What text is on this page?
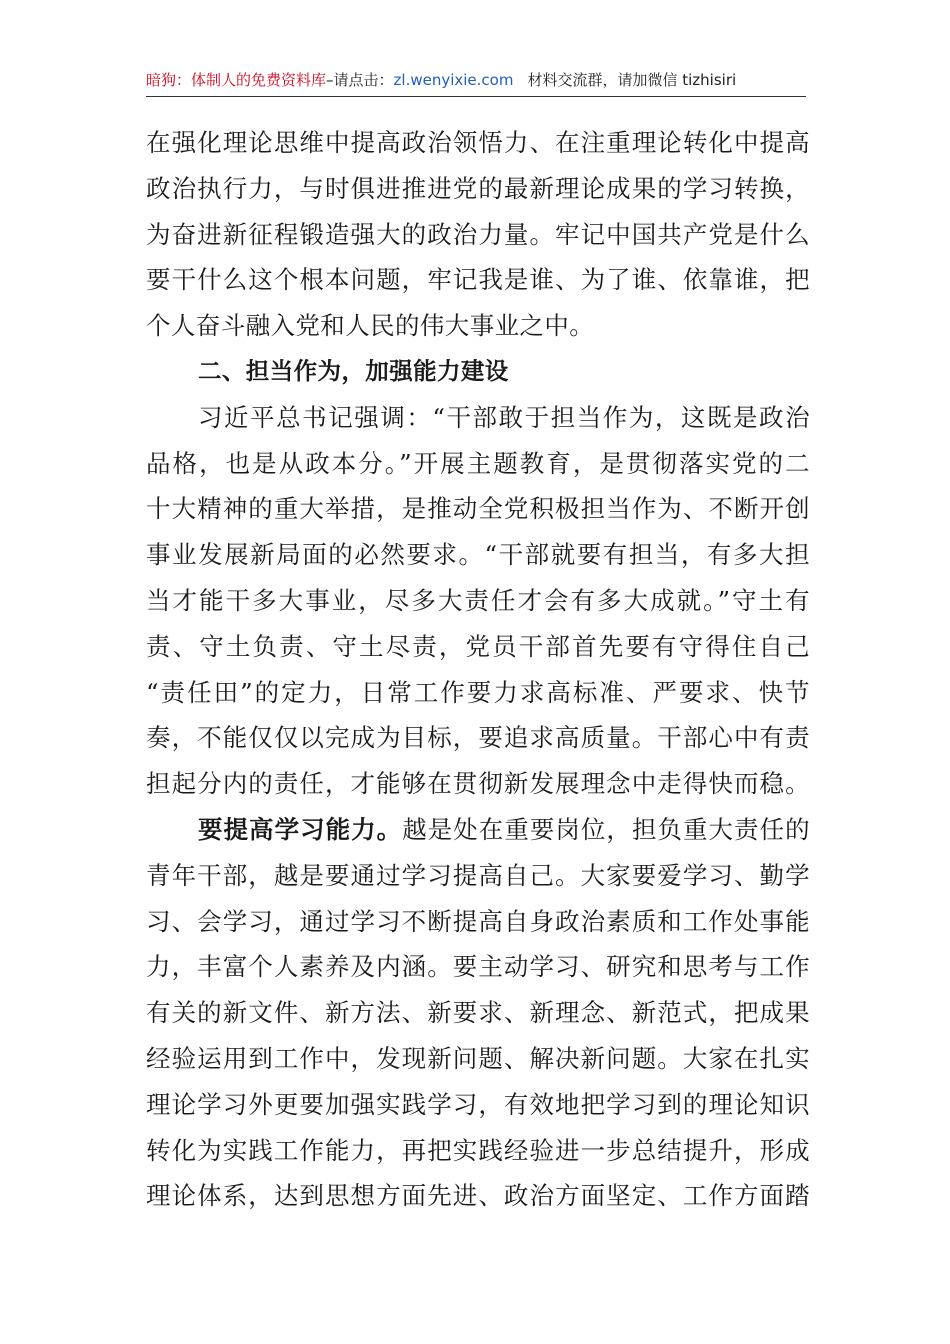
暗狗：体制人的免费资料库–请点击：zl.wenyixie.com 材料交流群，请加微信 tizhisiri
在强化理论思维中提高政治领悟力、在注重理论转化中提高
政治执行力，与时俱进推进党的最新理论成果的学习转换，
为奋进新征程锻造强大的政治力量。牢记中国共产党是什么
要干什么这个根本问题，牢记我是谁、为了谁、依靠谁，把
个人奋斗融入党和人民的伟大事业之中。
二、担当作为，加强能力建设
习近平总书记强调：“干部敢于担当作为，这既是政治
品格，也是从政本分。”开展主题教育，是贯彻落实党的二
十大精神的重大举措，是推动全党积极担当作为、不断开创
事业发展新局面的必然要求。“干部就要有担当，有多大担
当才能干多大事业，尽多大责任才会有多大成就。”守土有
责、守土负责、守土尽责，党员干部首先要有守得住自己
“责任田”的定力，日常工作要力求高标准、严要求、快节
奏，不能仅仅以完成为目标，要追求高质量。干部心中有责
担起分内的责任，才能够在贯彻新发展理念中走得快而稳。
要提高学习能力。越是处在重要岗位，担负重大责任的
青年干部，越是要通过学习提高自己。大家要爱学习、勤学
习、会学习，通过学习不断提高自身政治素质和工作处事能
力，丰富个人素养及内涵。要主动学习、研究和思考与工作
有关的新文件、新方法、新要求、新理念、新范式，把成果
经验运用到工作中，发现新问题、解决新问题。大家在扎实
理论学习外更要加强实践学习，有效地把学习到的理论知识
转化为实践工作能力，再把实践经验进一步总结提升，形成
理论体系，达到思想方面先进、政治方面坚定、工作方面踏
